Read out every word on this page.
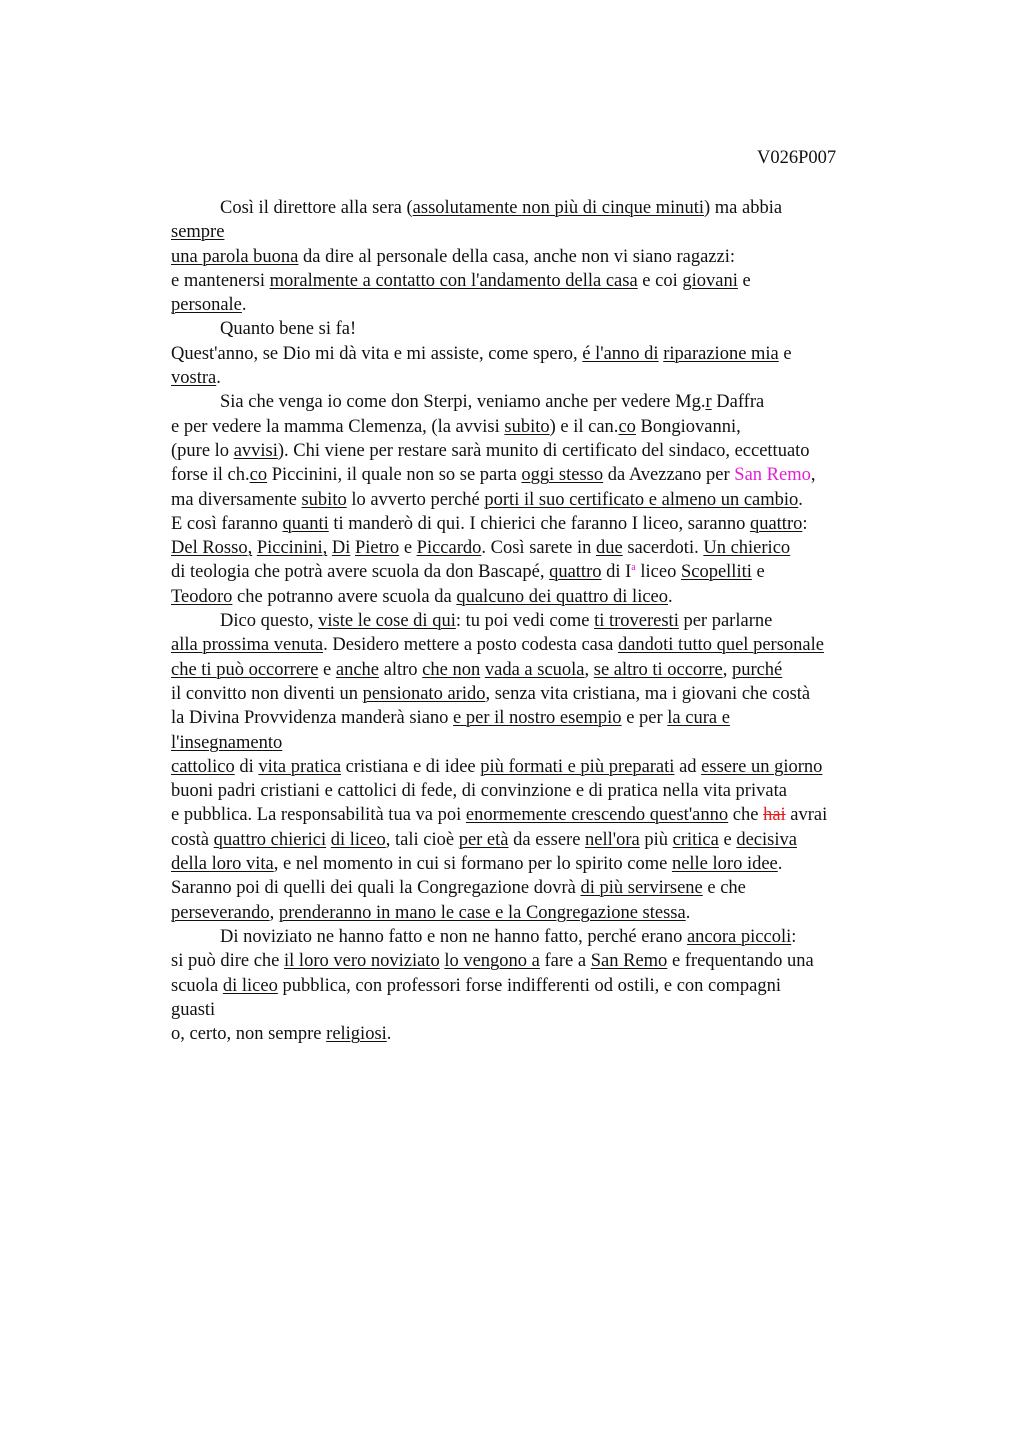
V026P007
Così il direttore alla sera (assolutamente non più di cinque minuti) ma abbia
sempre
una parola buona da dire al personale della casa, anche non vi siano ragazzi:
e mantenersi moralmente a contatto con l'andamento della casa e coi giovani e
personale.
Quanto bene si fa!
Quest'anno, se Dio mi dà vita e mi assiste, come spero, é l'anno di riparazione mia e
vostra.
Sia che venga io come don Sterpi, veniamo anche per vedere Mg.r Daffra
e per vedere la mamma Clemenza, (la avvisi subito) e il can.co Bongiovanni,
(pure lo avvisi). Chi viene per restare sarà munito di certificato del sindaco, eccettuato
forse il ch.co Piccinini, il quale non so se parta oggi stesso da Avezzano per San Remo,
ma diversamente subito lo avverto perché porti il suo certificato e almeno un cambio.
E così faranno quanti ti manderò di qui. I chierici che faranno I liceo, saranno quattro:
Del Rosso, Piccinini, Di Pietro e Piccardo. Così sarete in due sacerdoti. Un chierico
di teologia che potrà avere scuola da don Bascapé, quattro di $I^a$ liceo Scopelliti e
Teodoro che potranno avere scuola da qualcuno dei quattro di liceo.
Dico questo, viste le cose di qui: tu poi vedi come ti troveresti per parlarne
alla prossima venuta. Desidero mettere a posto codesta casa dandoti tutto quel personale
che ti può occorrere e anche altro che non vada a scuola, se altro ti occorre, purché
il convitto non diventi un pensionato arido, senza vita cristiana, ma i giovani che costà
la Divina Provvidenza manderà siano e per il nostro esempio e per la cura e
l'insegnamento
cattolico di vita pratica cristiana e di idee più formati e più preparati ad essere un giorno
buoni padri cristiani e cattolici di fede, di convinzione e di pratica nella vita privata
e pubblica. La responsabilità tua va poi enormemente crescendo quest'anno che hai avrai
costà quattro chierici di liceo, tali cioè per età da essere nell'ora più critica e decisiva
della loro vita, e nel momento in cui si formano per lo spirito come nelle loro idee.
Saranno poi di quelli dei quali la Congregazione dovrà di più servirsene e che
perseverando, prenderanno in mano le case e la Congregazione stessa.
Di noviziato ne hanno fatto e non ne hanno fatto, perché erano ancora piccoli:
si può dire che il loro vero noviziato lo vengono a fare a San Remo e frequentando una
scuola di liceo pubblica, con professori forse indifferenti od ostili, e con compagni
guasti
o, certo, non sempre religiosi.
